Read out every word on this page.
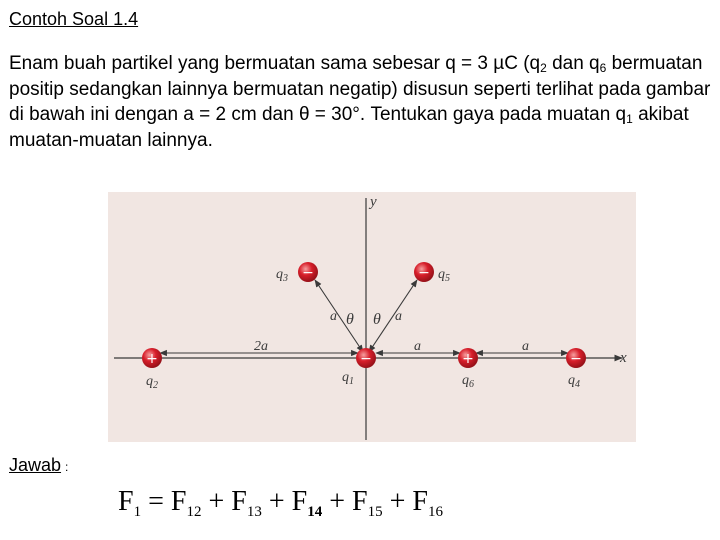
Contoh Soal 1.4
Enam buah partikel yang bermuatan sama sebesar q = 3 µC ($q_2$ dan $q_6$ bermuatan positip sedangkan lainnya bermuatan negatip) disusun seperti terlihat pada gambar di bawah ini dengan a = 2 cm dan θ = 30°. Tentukan gaya pada muatan $q_1$ akibat muatan-muatan lainnya.
y
x
2a	a	a
a	a
θ θ
−
$q_3$	− $q_5$
+
$q_2$
−
$q_1$
+
$q_6$
−
$q_4$
Jawab :
$F_1 = F_{12} + F_{13} + F_{14} + F_{15} + F_{16}$
